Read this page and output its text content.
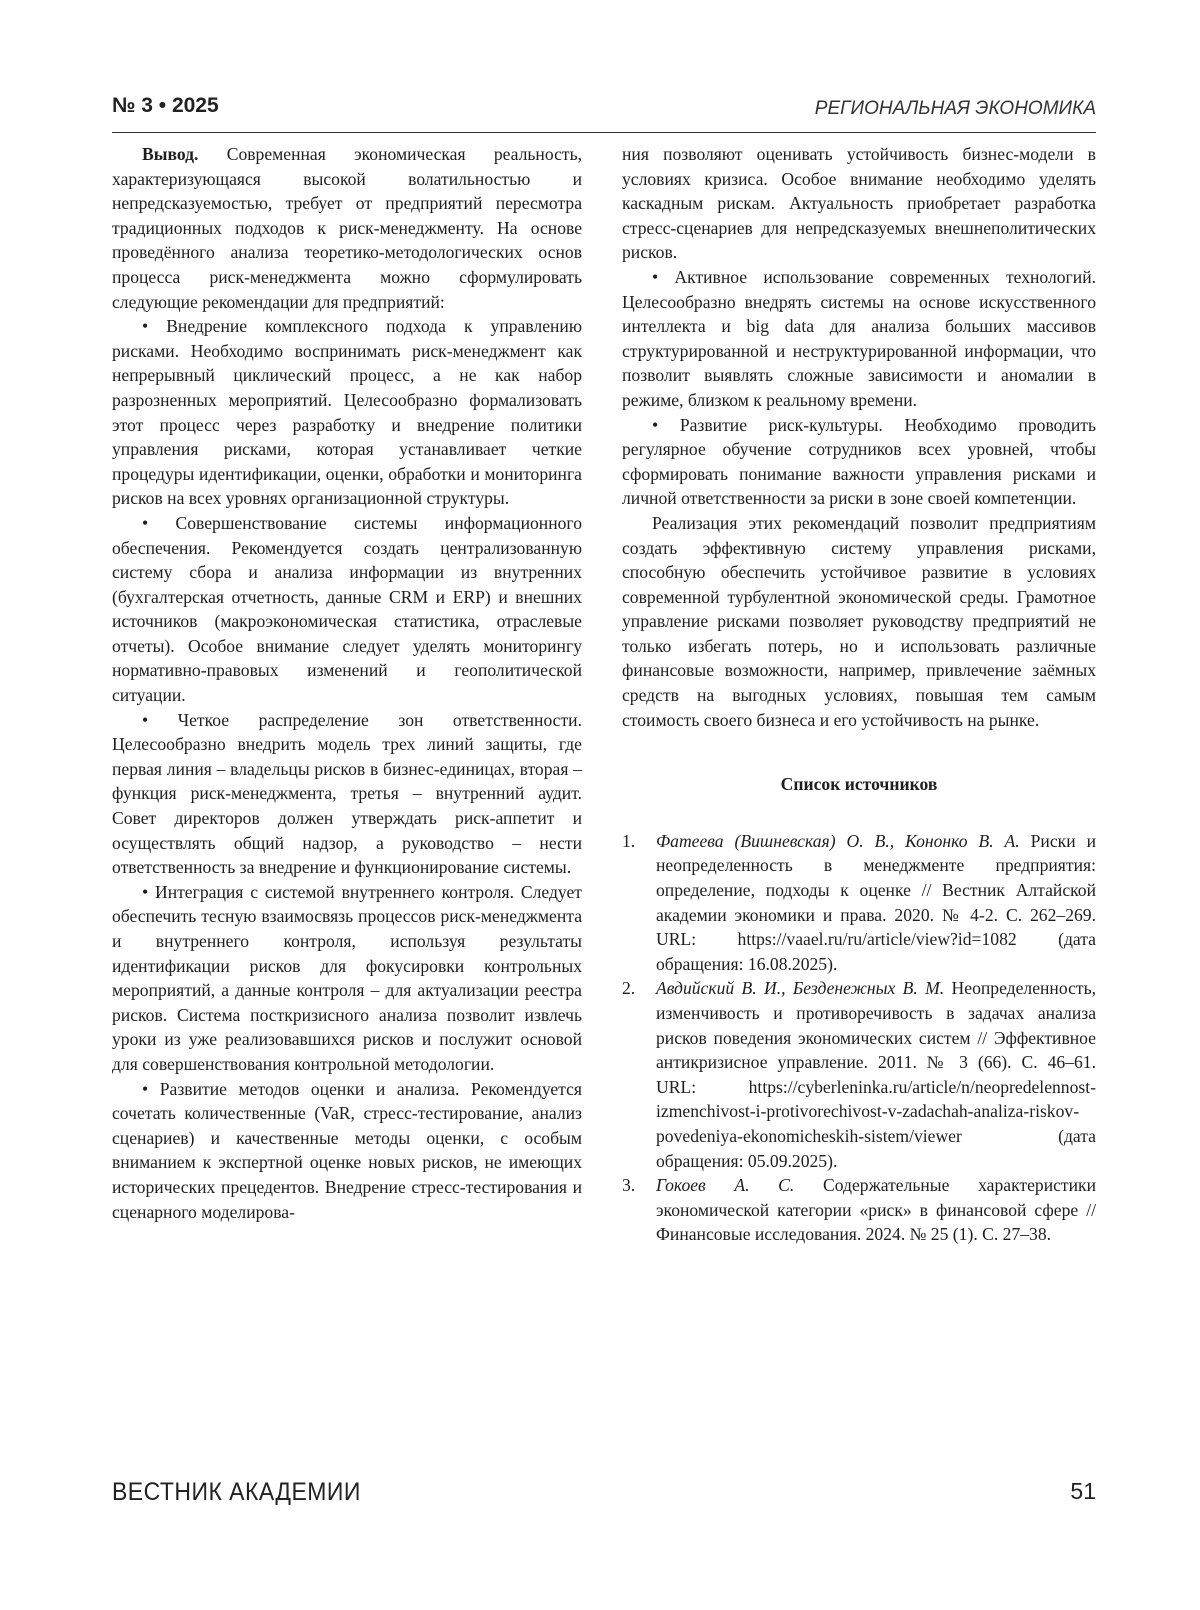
№ 3 • 2025	РЕГИОНАЛЬНАЯ ЭКОНОМИКА

Вывод. Современная экономическая реальность, характеризующаяся высокой волатильностью и непредсказуемостью, требует от предприятий пересмотра традиционных подходов к риск-менеджменту. На основе проведённого анализа теоретико-методологических основ процесса риск-менеджмента можно сформулировать следующие рекомендации для предприятий:

• Внедрение комплексного подхода к управлению рисками. Необходимо воспринимать риск-менеджмент как непрерывный циклический процесс, а не как набор разрозненных мероприятий. Целесообразно формализовать этот процесс через разработку и внедрение политики управления рисками, которая устанавливает четкие процедуры идентификации, оценки, обработки и мониторинга рисков на всех уровнях организационной структуры.

• Совершенствование системы информационного обеспечения. Рекомендуется создать централизованную систему сбора и анализа информации из внутренних (бухгалтерская отчетность, данные CRM и ERP) и внешних источников (макроэкономическая статистика, отраслевые отчеты). Особое внимание следует уделять мониторингу нормативно-правовых изменений и геополитической ситуации.

• Четкое распределение зон ответственности. Целесообразно внедрить модель трех линий защиты, где первая линия – владельцы рисков в бизнес-единицах, вторая – функция риск-менеджмента, третья – внутренний аудит. Совет директоров должен утверждать риск-аппетит и осуществлять общий надзор, а руководство – нести ответственность за внедрение и функционирование системы.

• Интеграция с системой внутреннего контроля. Следует обеспечить тесную взаимосвязь процессов риск-менеджмента и внутреннего контроля, используя результаты идентификации рисков для фокусировки контрольных мероприятий, а данные контроля – для актуализации реестра рисков. Система посткризисного анализа позволит извлечь уроки из уже реализовавшихся рисков и послужит основой для совершенствования контрольной методологии.

• Развитие методов оценки и анализа. Рекомендуется сочетать количественные (VaR, стресс-тестирование, анализ сценариев) и качественные методы оценки, с особым вниманием к экспертной оценке новых рисков, не имеющих исторических прецедентов. Внедрение стресс-тестирования и сценарного моделирова-

ния позволяют оценивать устойчивость бизнес-модели в условиях кризиса. Особое внимание необходимо уделять каскадным рискам. Актуальность приобретает разработка стресс-сценариев для непредсказуемых внешнеполитических рисков.

• Активное использование современных технологий. Целесообразно внедрять системы на основе искусственного интеллекта и big data для анализа больших массивов структурированной и неструктурированной информации, что позволит выявлять сложные зависимости и аномалии в режиме, близком к реальному времени.

• Развитие риск-культуры. Необходимо проводить регулярное обучение сотрудников всех уровней, чтобы сформировать понимание важности управления рисками и личной ответственности за риски в зоне своей компетенции.

Реализация этих рекомендаций позволит предприятиям создать эффективную систему управления рисками, способную обеспечить устойчивое развитие в условиях современной турбулентной экономической среды. Грамотное управление рисками позволяет руководству предприятий не только избегать потерь, но и использовать различные финансовые возможности, например, привлечение заёмных средств на выгодных условиях, повышая тем самым стоимость своего бизнеса и его устойчивость на рынке.

Список источников
1. Фатеева (Вишневская) О. В., Кононко В. А. Риски и неопределенность в менеджменте предприятия: определение, подходы к оценке // Вестник Алтайской академии экономики и права. 2020. № 4-2. С. 262–269. URL: https://vaael.ru/ru/article/view?id=1082 (дата обращения: 16.08.2025).
2. Авдийский В. И., Безденежных В. М. Неопределенность, изменчивость и противоречивость в задачах анализа рисков поведения экономических систем // Эффективное антикризисное управление. 2011. № 3 (66). С. 46–61. URL: https://cyberleninka.ru/article/n/neopredelennost-izmenchivost-i-protivorechivost-v-zadachah-analiza-riskov-povedeniya-ekonomicheskih-sistem/viewer (дата обращения: 05.09.2025).
3. Гокоев А. С. Содержательные характеристики экономической категории «риск» в финансовой сфере // Финансовые исследования. 2024. № 25 (1). С. 27–38.
ВЕСТНИК АКАДЕМИИ	51
